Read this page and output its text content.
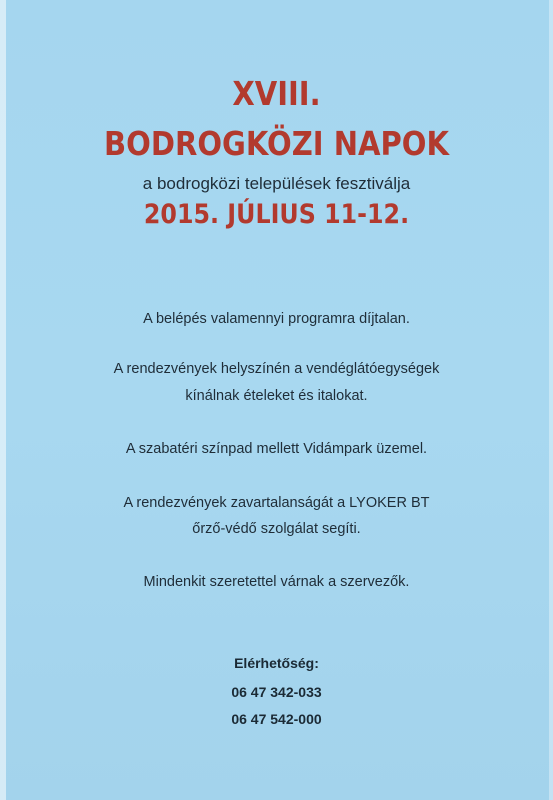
XVIII.
BODROGKÖZI NAPOK
a bodrogközi települések fesztiválja
2015. JÚLIUS 11-12.
A belépés valamennyi programra díjtalan.
A rendezvények helyszínén a vendéglátóegységek
kínálnak ételeket és italokat.
A szabatéri színpad mellett Vidámpark üzemel.
A rendezvények zavartalanságát a LYOKER BT
őrző-védő szolgálat segíti.
Mindenkit szeretettel várnak a szervezők.
Elérhetőség:
06 47 342-033
06 47 542-000
